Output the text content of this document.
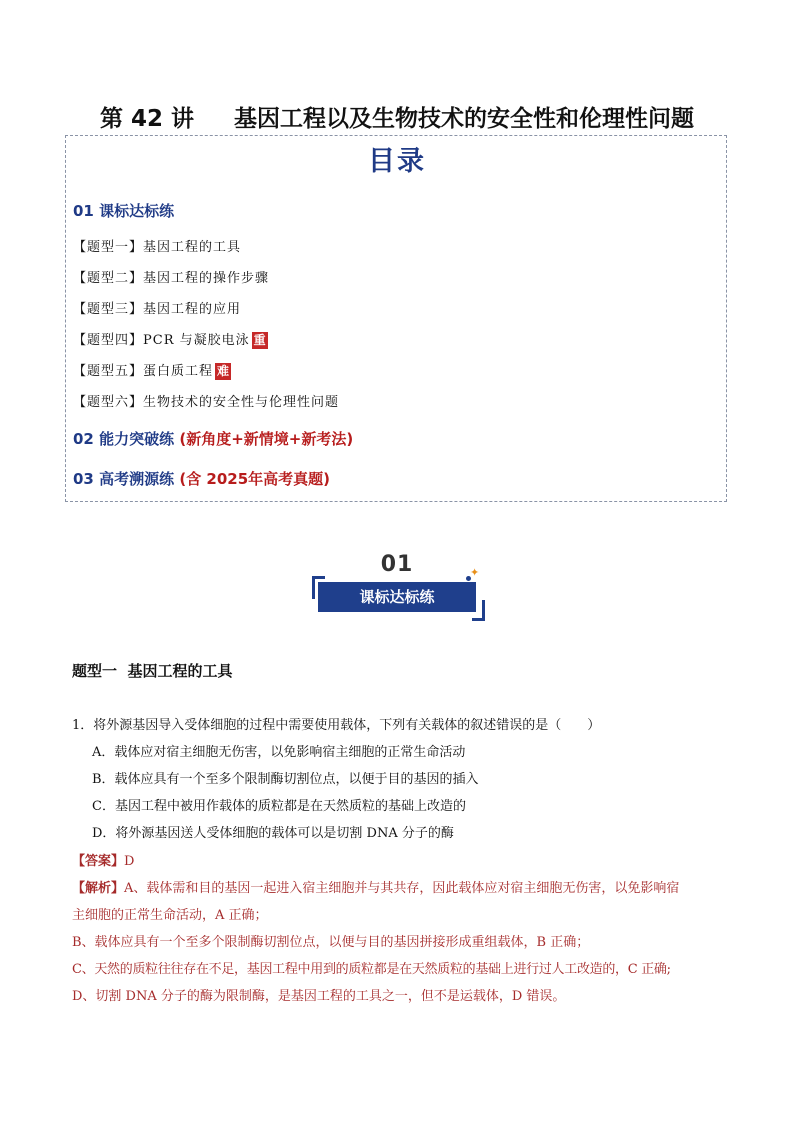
第 42 讲     基因工程以及生物技术的安全性和伦理性问题
目录
01 课标达标练
【题型一】基因工程的工具
【题型二】基因工程的操作步骤
【题型三】基因工程的应用
【题型四】PCR 与凝胶电泳 重
【题型五】蛋白质工程 难
【题型六】生物技术的安全性与伦理性问题
02 能力突破练 (新角度+新情境+新考法)
03 高考溯源练 (含 2025年高考真题)
01	✦
课标达标练
题型一  基因工程的工具
1．将外源基因导入受体细胞的过程中需要使用载体，下列有关载体的叙述错误的是（　　）
A．载体应对宿主细胞无伤害，以免影响宿主细胞的正常生命活动
B．载体应具有一个至多个限制酶切割位点，以便于目的基因的插入
C．基因工程中被用作载体的质粒都是在天然质粒的基础上改造的
D．将外源基因送人受体细胞的载体可以是切割 DNA 分子的酶
【答案】D
【解析】A、载体需和目的基因一起进入宿主细胞并与其共存，因此载体应对宿主细胞无伤害，以免影响宿
主细胞的正常生命活动，A 正确；
B、载体应具有一个至多个限制酶切割位点，以便与目的基因拼接形成重组载体，B 正确；
C、天然的质粒往往存在不足，基因工程中用到的质粒都是在天然质粒的基础上进行过人工改造的，C 正确;
D、切割 DNA 分子的酶为限制酶，是基因工程的工具之一，但不是运载体，D 错误。
